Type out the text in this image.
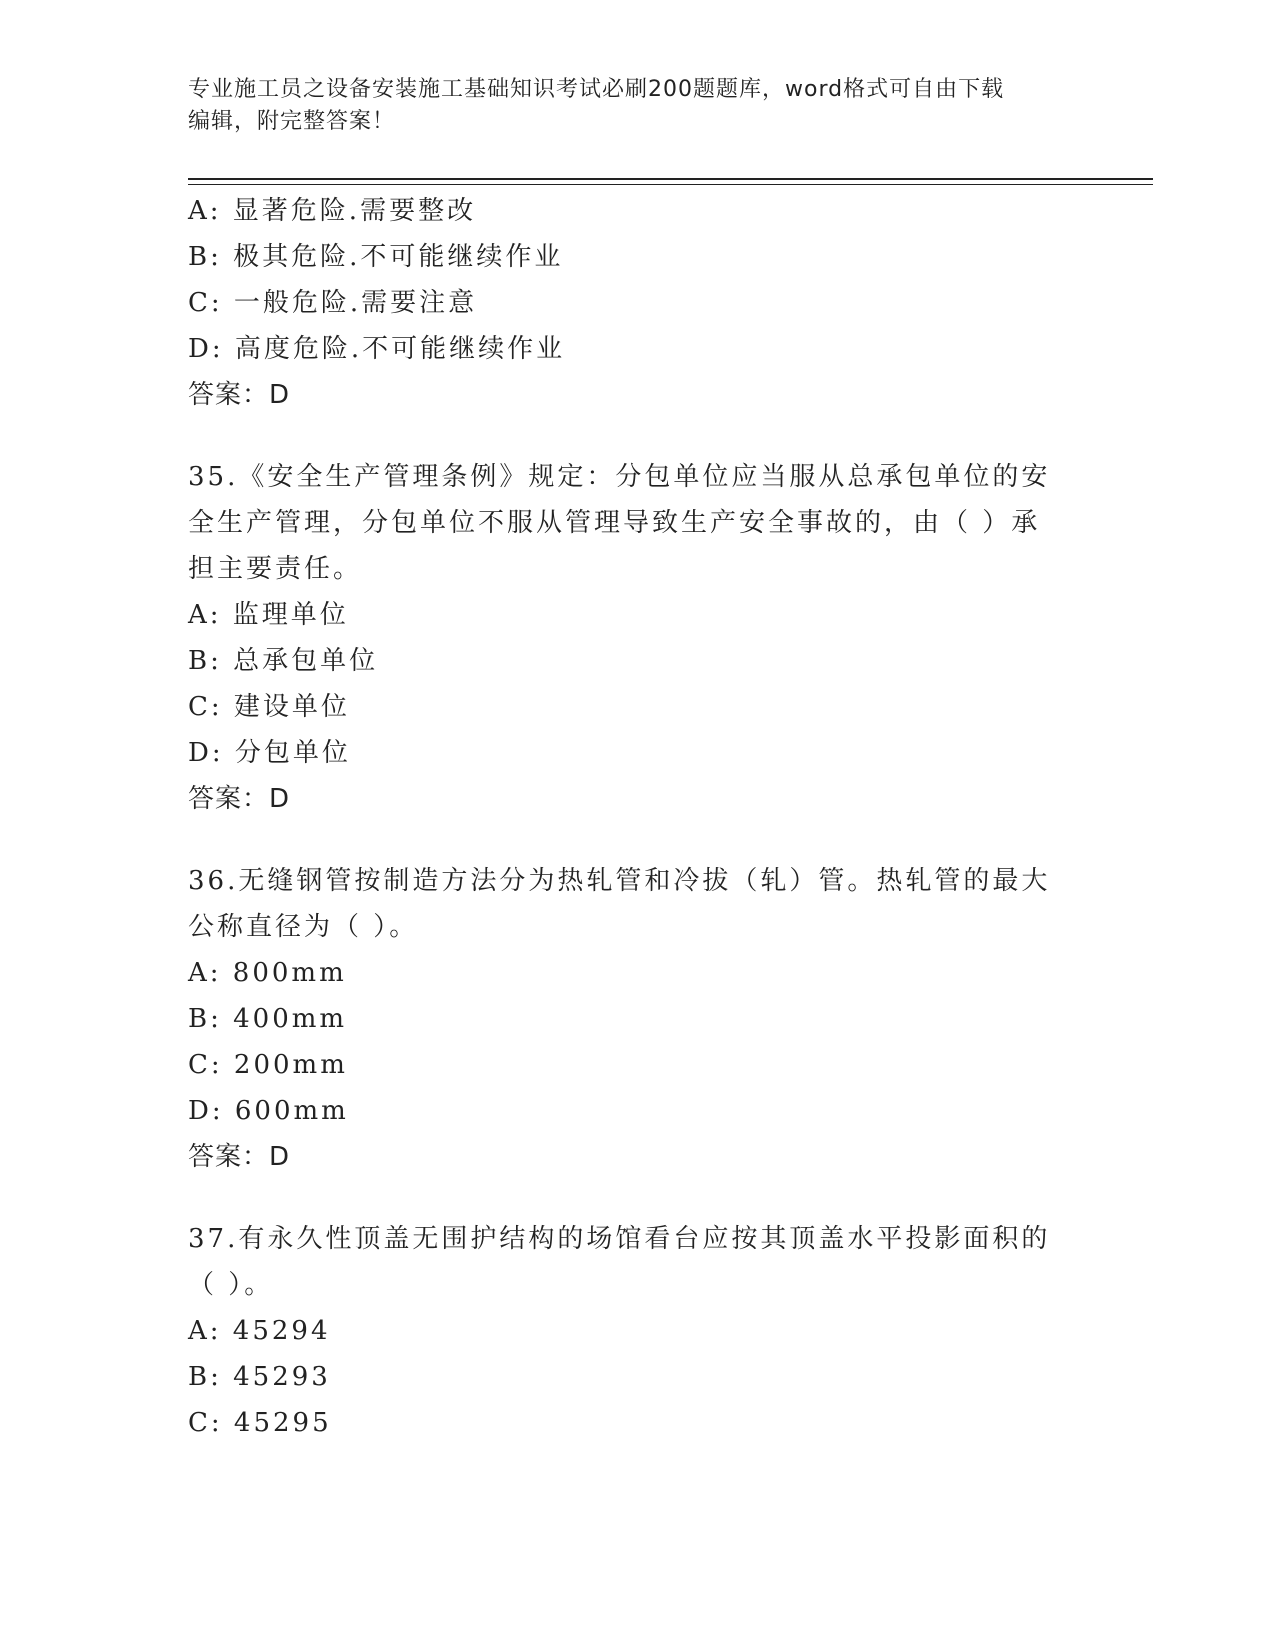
专业施工员之设备安装施工基础知识考试必刷200题题库，word格式可自由下载
编辑，附完整答案！
A: 显著危险.需要整改
B: 极其危险.不可能继续作业
C: 一般危险.需要注意
D: 高度危险.不可能继续作业
答案：D
35.《安全生产管理条例》规定：分包单位应当服从总承包单位的安全生产管理，分包单位不服从管理导致生产安全事故的，由（ ）承担主要责任。
A: 监理单位
B: 总承包单位
C: 建设单位
D: 分包单位
答案：D
36.无缝钢管按制造方法分为热轧管和冷拔（轧）管。热轧管的最大公称直径为（ ）。
A: 800mm
B: 400mm
C: 200mm
D: 600mm
答案：D
37.有永久性顶盖无围护结构的场馆看台应按其顶盖水平投影面积的（ ）。
A: 45294
B: 45293
C: 45295
